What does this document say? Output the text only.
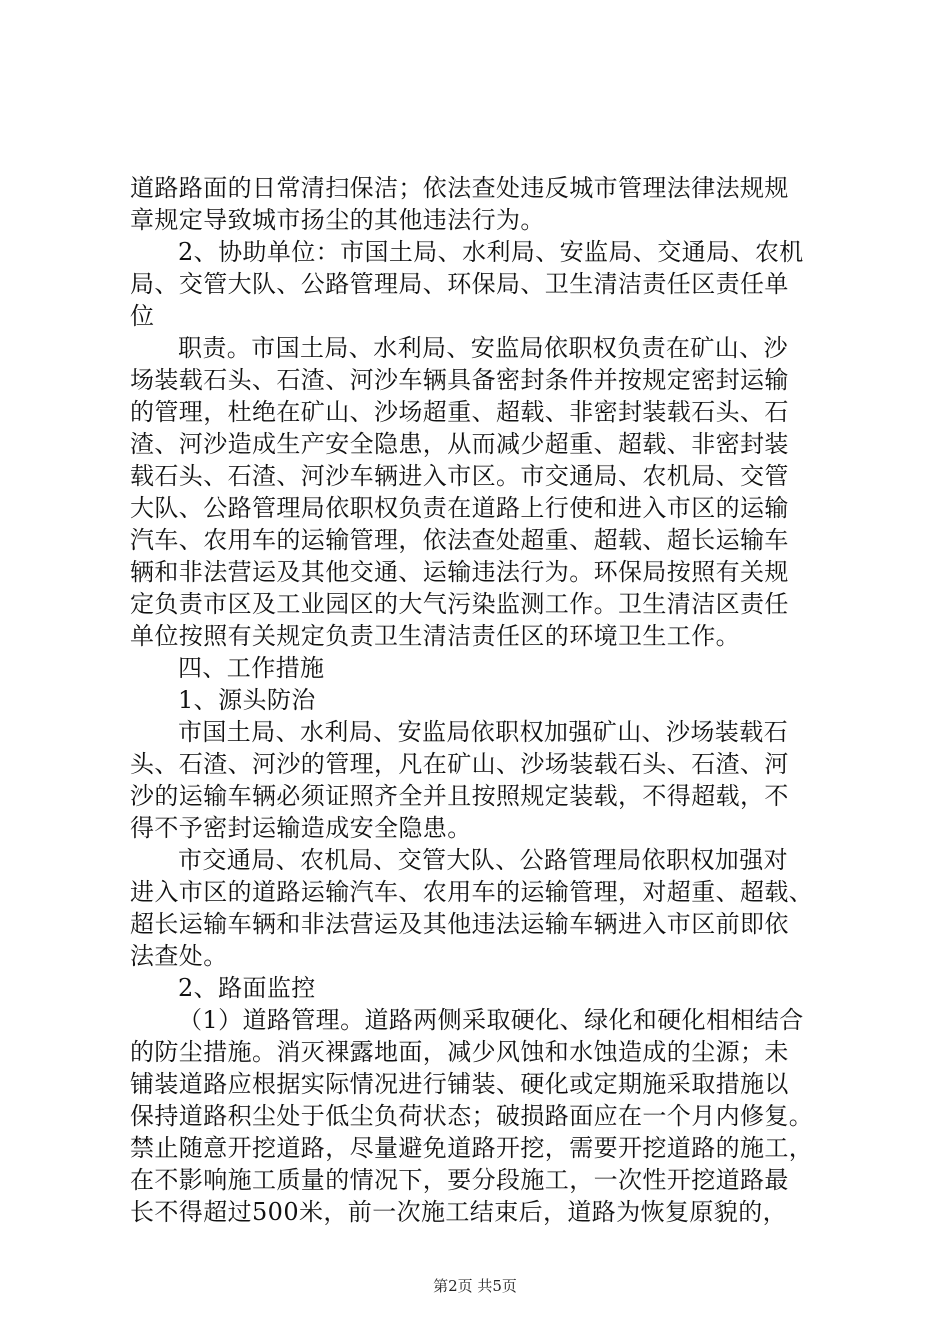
道路路面的日常清扫保洁；依法查处违反城市管理法律法规规
章规定导致城市扬尘的其他违法行为。
2、协助单位：市国土局、水利局、安监局、交通局、农机
局、交管大队、公路管理局、环保局、卫生清洁责任区责任单
位
职责。市国土局、水利局、安监局依职权负责在矿山、沙
场装载石头、石渣、河沙车辆具备密封条件并按规定密封运输
的管理，杜绝在矿山、沙场超重、超载、非密封装载石头、石
渣、河沙造成生产安全隐患，从而减少超重、超载、非密封装
载石头、石渣、河沙车辆进入市区。市交通局、农机局、交管
大队、公路管理局依职权负责在道路上行使和进入市区的运输
汽车、农用车的运输管理，依法查处超重、超载、超长运输车
辆和非法营运及其他交通、运输违法行为。环保局按照有关规
定负责市区及工业园区的大气污染监测工作。卫生清洁区责任
单位按照有关规定负责卫生清洁责任区的环境卫生工作。
四、工作措施
1、源头防治
市国土局、水利局、安监局依职权加强矿山、沙场装载石
头、石渣、河沙的管理，凡在矿山、沙场装载石头、石渣、河
沙的运输车辆必须证照齐全并且按照规定装载，不得超载，不
得不予密封运输造成安全隐患。
市交通局、农机局、交管大队、公路管理局依职权加强对
进入市区的道路运输汽车、农用车的运输管理，对超重、超载、
超长运输车辆和非法营运及其他违法运输车辆进入市区前即依
法查处。
2、路面监控
（1）道路管理。道路两侧采取硬化、绿化和硬化相相结合
的防尘措施。消灭裸露地面，减少风蚀和水蚀造成的尘源；未
铺装道路应根据实际情况进行铺装、硬化或定期施采取措施以
保持道路积尘处于低尘负荷状态；破损路面应在一个月内修复。
禁止随意开挖道路，尽量避免道路开挖，需要开挖道路的施工，
在不影响施工质量的情况下，要分段施工，一次性开挖道路最
长不得超过500米，前一次施工结束后，道路为恢复原貌的，
第2页 共5页
